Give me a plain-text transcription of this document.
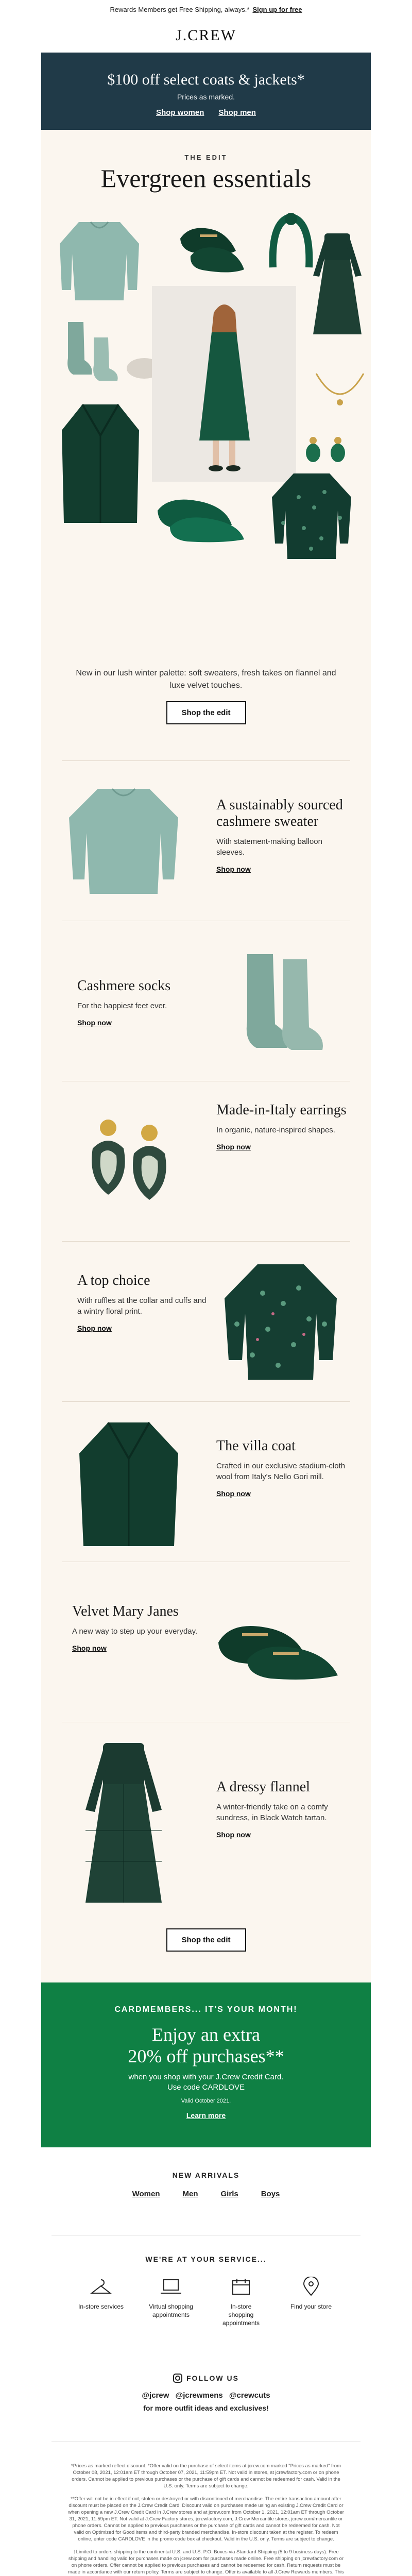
Rewards Members get Free Shipping, always.* Sign up for free
J.CREW
$100 off select coats & jackets*
Prices as marked.
Shop women Shop men
THE EDIT
Evergreen essentials
New in our lush winter palette: soft sweaters, fresh takes on flannel and luxe velvet touches.
Shop the edit
A sustainably sourced cashmere sweater

With statement-making balloon sleeves.

Shop now
Cashmere socks

For the happiest feet ever.

Shop now
Made-in-Italy earrings

In organic, nature-inspired shapes.

Shop now
A top choice

With ruffles at the collar and cuffs and a wintry floral print.

Shop now
The villa coat

Crafted in our exclusive stadium-cloth wool from Italy's Nello Gori mill.

Shop now
Velvet Mary Janes

A new way to step up your everyday.

Shop now
A dressy flannel

A winter-friendly take on a comfy sundress, in Black Watch tartan.

Shop now
Shop the edit
CARDMEMBERS... IT'S YOUR MONTH!
Enjoy an extra
20% off purchases**
when you shop with your J.Crew Credit Card.
Use code CARDLOVE
Valid October 2021.
Learn more
NEW ARRIVALS
Women	Men	Girls	Boys
WE'RE AT YOUR SERVICE...
In-store services	Virtual shopping appointments
In-store shopping appointments
Find your store
FOLLOW US
@jcrew @jcrewmens @crewcuts
for more outfit ideas and exclusives!

*Prices as marked reflect discount. *Offer valid on the purchase of select items at jcrew.com marked "Prices as marked" from October 08, 2021, 12:01am ET through October 07, 2021, 11:59pm ET. Not valid in stores, at jcrewfactory.com or on phone orders. Cannot be applied to previous purchases or the purchase of gift cards and cannot be redeemed for cash. Valid in the U.S. only. Terms are subject to change.

**Offer will not be in effect if not, stolen or destroyed or with discontinued of merchandise. The entire transaction amount after discount must be placed on the J.Crew Credit Card. Discount valid on purchases made using an existing J.Crew Credit Card or when opening a new J.Crew Credit Card in J.Crew stores and at jcrew.com from October 1, 2021, 12:01am ET through October 31, 2021, 11:59pm ET. Not valid at J.Crew Factory stores, jcrewfactory.com, J.Crew Mercantile stores, jcrew.com/mercantile or phone orders. Cannot be applied to previous purchases or the purchase of gift cards and cannot be redeemed for cash. Not valid on Optimized for Good items and third-party branded merchandise. In-store discount taken at the register. To redeem online, enter code CARDLOVE in the promo code box at checkout. Valid in the U.S. only. Terms are subject to change.

†Limited to orders shipping to the continental U.S. and U.S. P.O. Boxes via Standard Shipping (5 to 9 business days). Free shipping and handling valid for purchases made on jcrew.com for purchases made online. Free shipping on jcrewfactory.com or on phone orders. Offer cannot be applied to previous purchases and cannot be redeemed for cash. Return requests must be made in accordance with our return policy. Terms are subject to change. Offer is available to all J.Crew Rewards members. This
